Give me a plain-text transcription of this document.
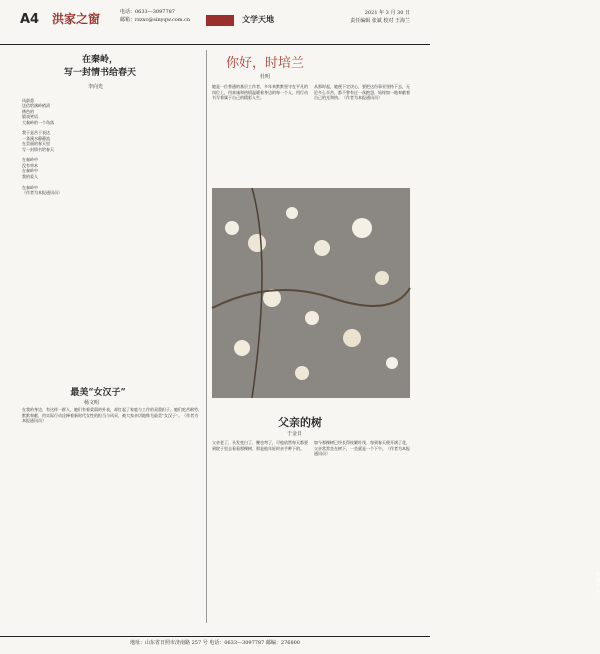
A4 洪家之窗	电话：0633—3097787
邮箱：rzzxc@sinyqw.com.cn	文学天地
2021 年 3 月 30 日
责任编辑 张斌 校对 王海兰
在秦岭，
写一封情书给春天
李向光
风最重
送信给满岭梢清
绣色的
嬉戏笑语
大秦岭的一个角落

我于是苦于表达
一条溪水静静流
在美丽的春天里
写一封情书给春天

在秦岭中
没有草木
在秦岭中
我的爱人

在秦岭中
（作者为本报通讯员）
最美“女汉子”
杨文明
在我的身边，有这样一群人，她们有着柔弱的外表，却扛起了家庭与工作的双重担子。她们吃苦耐劳、默默奉献，用实际行动诠释着新时代女性的担当与风采，被大家亲切地称为最美“女汉子”。（作者为本报通讯员）
你好，时培兰
杜明
她是一位普通的基层工作者，多年来默默坚守在平凡的岗位上，用真诚和热情温暖着身边的每一个人，用行动书写着属于自己的精彩人生。
从那时起，她便下定决心，要把这份事业坚持下去，无论多么辛苦，都不曾有过一丝抱怨，始终如一地奉献着自己的光和热。（作者为本报通讯员）
陈德毅 摄
父亲的树
于金日
父亲老了，头发变白了，腰也弯了，可他依然每天都要到院子里去看看那棵树，那是他年轻时亲手种下的。
如今那棵树已经长得枝繁叶茂，每到春天便开满了花，父亲常常坐在树下，一坐就是一个下午。（作者为本报通讯员）
地址：山东省日照市济南路 257 号 电话：0633—3097787 邮编：276800
